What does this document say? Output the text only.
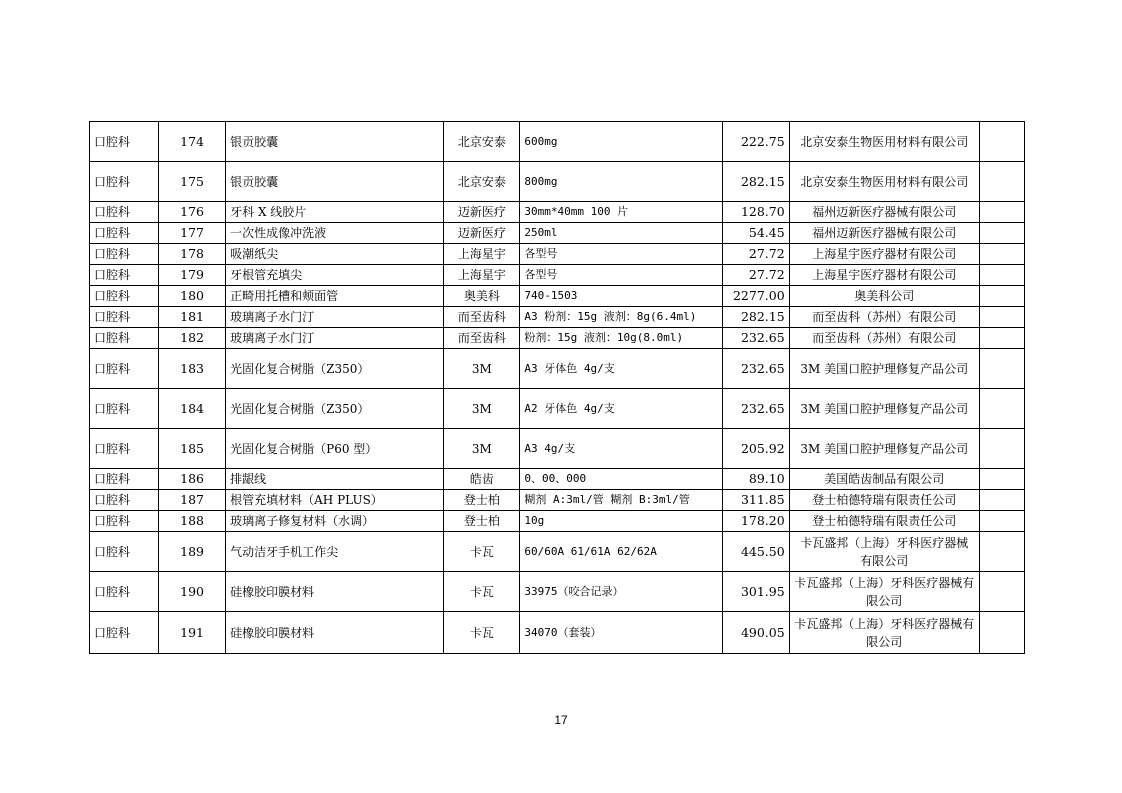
口腔科	174	银贡胶囊	北京安泰	600mg	222.75	北京安泰生物医用材料有限公司	
口腔科	175	银贡胶囊	北京安泰	800mg	282.15	北京安泰生物医用材料有限公司	
口腔科	176	牙科 X 线胶片	迈新医疗	30mm*40mm 100 片	128.70	福州迈新医疗器械有限公司	
口腔科	177	一次性成像冲洗液	迈新医疗	250ml	54.45	福州迈新医疗器械有限公司	
口腔科	178	吸潮纸尖	上海星宇	各型号	27.72	上海星宇医疗器材有限公司	
口腔科	179	牙根管充填尖	上海星宇	各型号	27.72	上海星宇医疗器材有限公司	
口腔科	180	正畸用托槽和颊面管	奥美科	740-1503	2277.00	奥美科公司	
口腔科	181	玻璃离子水门汀	而至齿科	A3 粉剂：15g 液剂：8g(6.4ml)	282.15	而至齿科（苏州）有限公司	
口腔科	182	玻璃离子水门汀	而至齿科	粉剂：15g 液剂：10g(8.0ml)	232.65	而至齿科（苏州）有限公司	
口腔科	183	光固化复合树脂（Z350）	3M	A3 牙体色 4g/支	232.65	3M 美国口腔护理修复产品公司	
口腔科	184	光固化复合树脂（Z350）	3M	A2 牙体色 4g/支	232.65	3M 美国口腔护理修复产品公司	
口腔科	185	光固化复合树脂（P60 型）	3M	A3 4g/支	205.92	3M 美国口腔护理修复产品公司	
口腔科	186	排龈线	皓齿	0、00、000	89.10	美国皓齿制品有限公司	
口腔科	187	根管充填材料（AH PLUS）	登士柏	糊剂 A:3ml/管 糊剂 B:3ml/管	311.85	登士柏德特瑞有限责任公司	
口腔科	188	玻璃离子修复材料（水调）	登士柏	10g	178.20	登士柏德特瑞有限责任公司	
口腔科	189	气动洁牙手机工作尖	卡瓦	60/60A 61/61A 62/62A	445.50	卡瓦盛邦（上海）牙科医疗器械
有限公司	
口腔科	190	硅橡胶印膜材料	卡瓦	33975（咬合记录）	301.95	卡瓦盛邦（上海）牙科医疗器械有
限公司	
口腔科	191	硅橡胶印膜材料	卡瓦	34070（套装）	490.05	卡瓦盛邦（上海）牙科医疗器械有
限公司	
17
